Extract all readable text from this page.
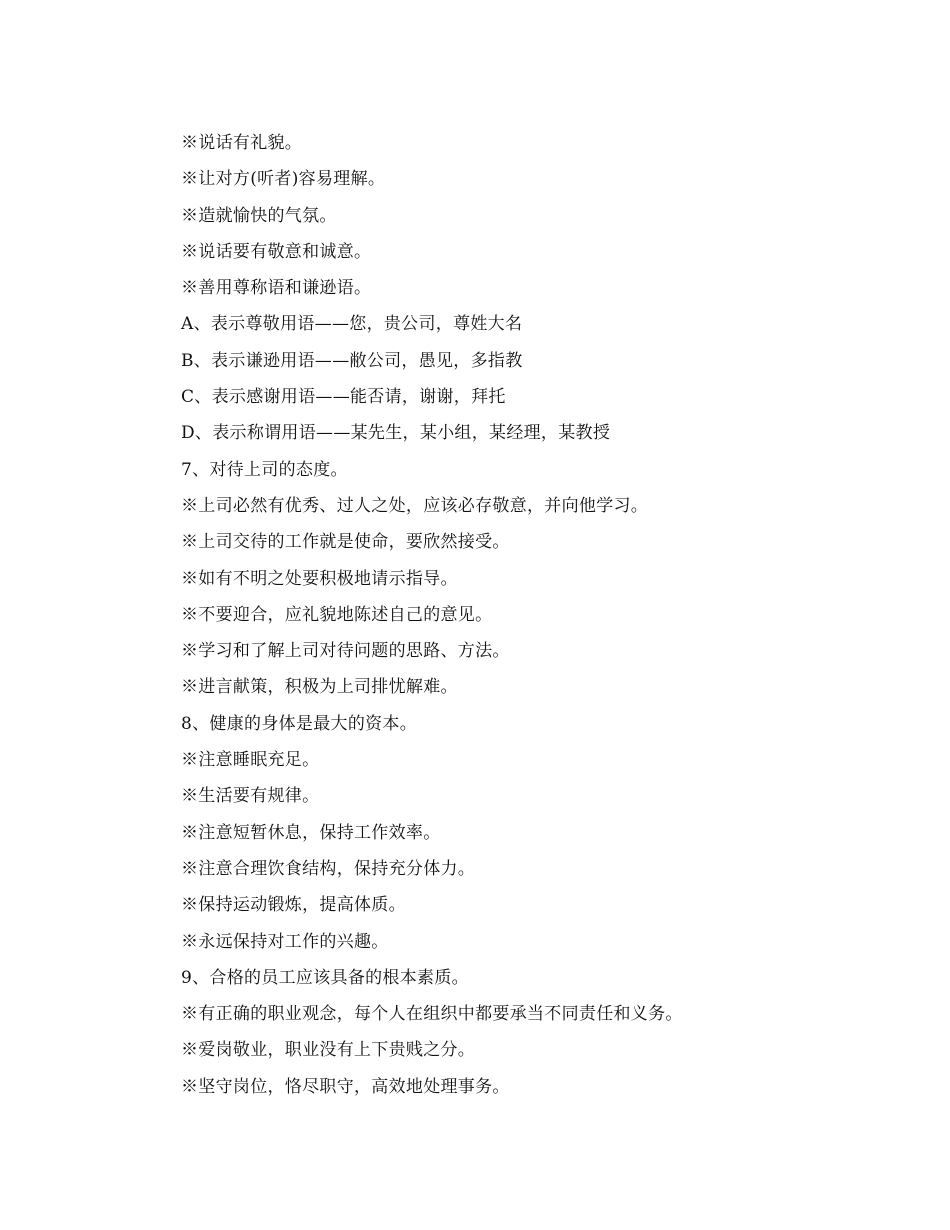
※说话有礼貌。
※让对方(听者)容易理解。
※造就愉快的气氛。
※说话要有敬意和诚意。
※善用尊称语和谦逊语。
A、表示尊敬用语——您，贵公司，尊姓大名
B、表示谦逊用语——敝公司，愚见，多指教
C、表示感谢用语——能否请，谢谢，拜托
D、表示称谓用语——某先生，某小组，某经理，某教授
7、对待上司的态度。
※上司必然有优秀、过人之处，应该必存敬意，并向他学习。
※上司交待的工作就是使命，要欣然接受。
※如有不明之处要积极地请示指导。
※不要迎合，应礼貌地陈述自己的意见。
※学习和了解上司对待问题的思路、方法。
※进言献策，积极为上司排忧解难。
8、健康的身体是最大的资本。
※注意睡眠充足。
※生活要有规律。
※注意短暂休息，保持工作效率。
※注意合理饮食结构，保持充分体力。
※保持运动锻炼，提高体质。
※永远保持对工作的兴趣。
9、合格的员工应该具备的根本素质。
※有正确的职业观念，每个人在组织中都要承当不同责任和义务。
※爱岗敬业，职业没有上下贵贱之分。
※坚守岗位，恪尽职守，高效地处理事务。
